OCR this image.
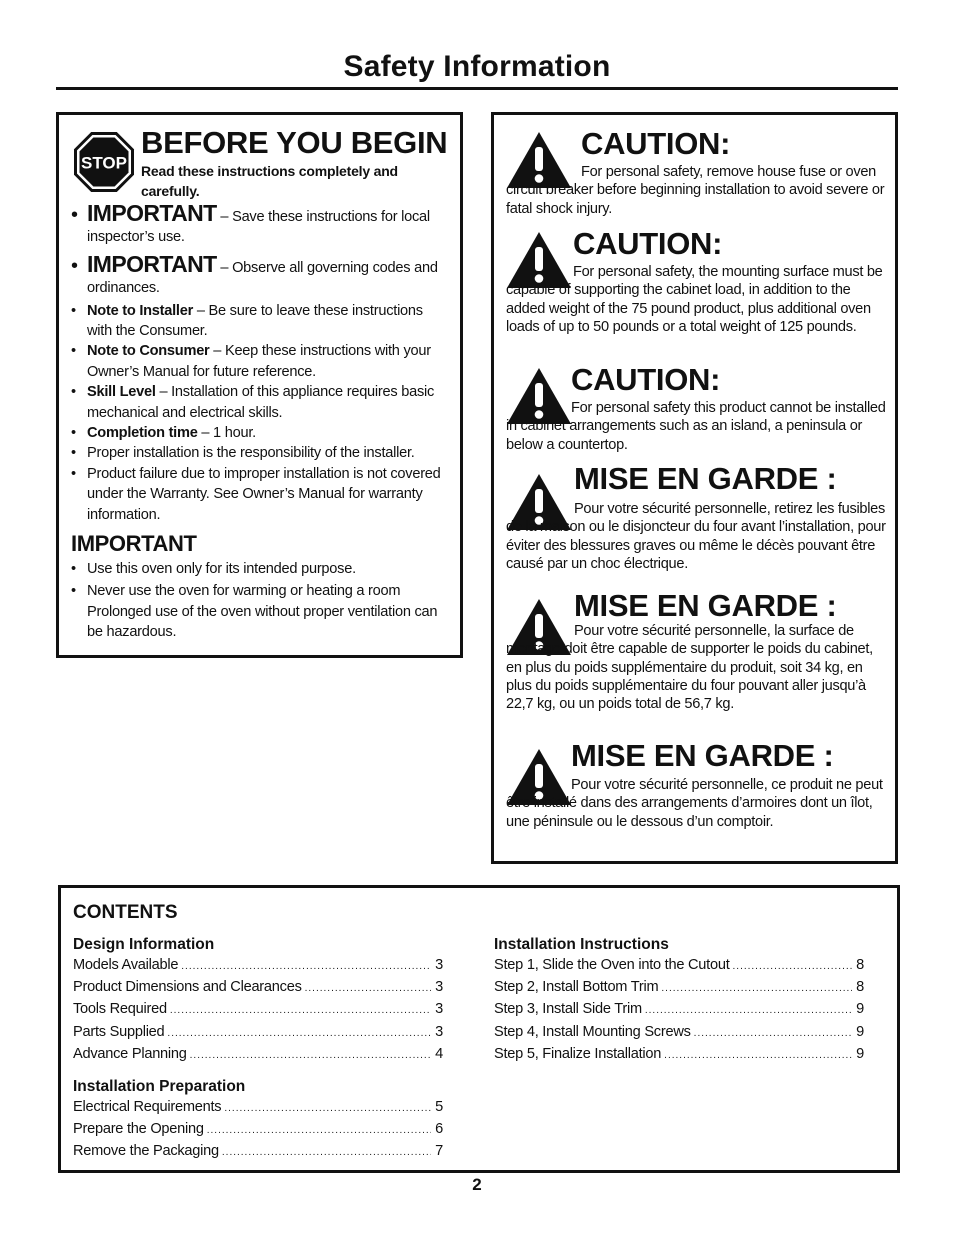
Safety Information
STOP
BEFORE YOU BEGIN
Read these instructions completely and carefully.
• IMPORTANT – Save these instructions for local inspector’s use.
• IMPORTANT – Observe all governing codes and ordinances.
• Note to Installer – Be sure to leave these instructions with the Consumer.
• Note to Consumer – Keep these instructions with your Owner’s Manual for future reference.
• Skill Level – Installation of this appliance requires basic mechanical and electrical skills.
• Completion time – 1 hour.
• Proper installation is the responsibility of the installer.
• Product failure due to improper installation is not covered under the Warranty. See Owner’s Manual for warranty information.
IMPORTANT
• Use this oven only for its intended purpose.
• Never use the oven for warming or heating a room Prolonged use of the oven without proper ventilation can be hazardous.
CAUTION:
For personal safety, remove house fuse or oven circuit breaker before beginning installation to avoid severe or fatal shock injury.
CAUTION:
For personal safety, the mounting surface must be capable of supporting the cabinet load, in addition to the added weight of the 75 pound product, plus additional oven loads of up to 50 pounds or a total weight of 125 pounds.
CAUTION:
For personal safety this product cannot be installed in cabinet arrangements such as an island, a peninsula or below a countertop.
MISE EN GARDE :
Pour votre sécurité personnelle, retirez les fusibles de la maison ou le disjoncteur du four avant l’installation, pour éviter des blessures graves ou même le décès pouvant être causé par un choc électrique.
MISE EN GARDE :
Pour votre sécurité personnelle, la surface de montage doit être capable de supporter le poids du cabinet, en plus du poids supplémentaire du produit, soit 34 kg, en plus du poids supplémentaire du four pouvant aller jusqu’à 22,7 kg, ou un poids total de 56,7 kg.
MISE EN GARDE :
Pour votre sécurité personnelle, ce produit ne peut être installé dans des arrangements d’armoires dont un îlot, une péninsule ou le dessous d’un comptoir.
CONTENTS
Design Information
Models Available .....	3
Product Dimensions and Clearances .....	3
Tools Required .....	3
Parts Supplied .....	3
Advance Planning .....	4
Installation Preparation
Electrical Requirements .....	5
Prepare the Opening .....	6
Remove the Packaging .....	7
Installation Instructions
Step 1, Slide the Oven into the Cutout .....	8
Step 2, Install Bottom Trim .....	8
Step 3, Install Side Trim .....	9
Step 4, Install Mounting Screws .....	9
Step 5, Finalize Installation .....	9
2
